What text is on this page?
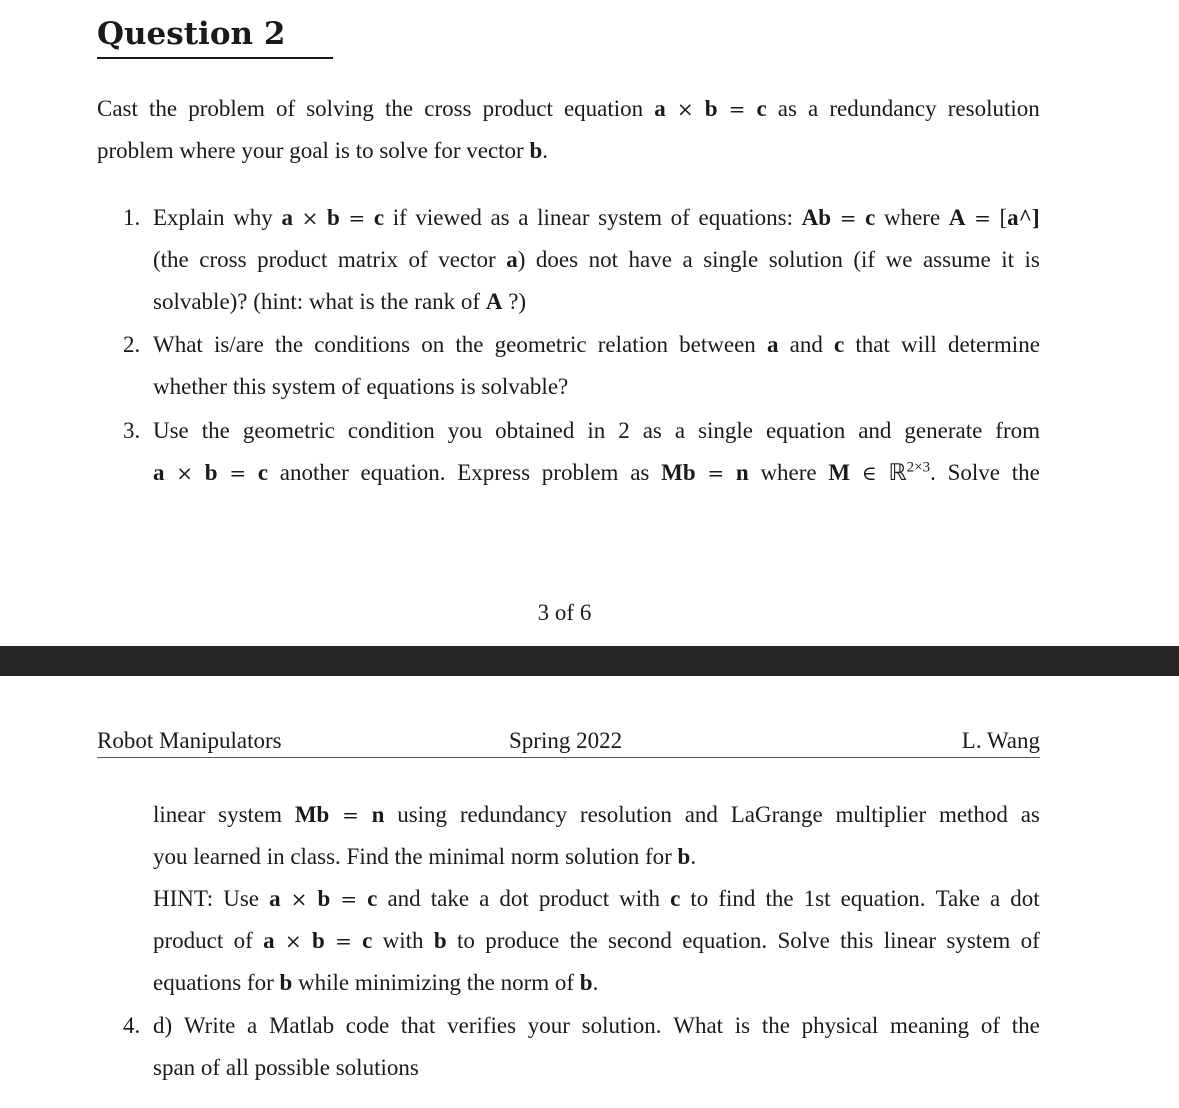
Question 2
Cast the problem of solving the cross product equation a × b = c as a redundancy resolution
problem where your goal is to solve for vector b.
1. Explain why a × b = c if viewed as a linear system of equations: Ab = c where A = [a^]
(the cross product matrix of vector a) does not have a single solution (if we assume it is
solvable)? (hint: what is the rank of A ?)
2. What is/are the conditions on the geometric relation between a and c that will determine
whether this system of equations is solvable?
3. Use the geometric condition you obtained in 2 as a single equation and generate from
a × b = c another equation. Express problem as Mb = n where M ∈ ℝ$^{2\times 3}$. Solve the
3 of 6
Robot Manipulators	Spring 2022	L. Wang
linear system Mb = n using redundancy resolution and LaGrange multiplier method as
you learned in class. Find the minimal norm solution for b.
HINT: Use a × b = c and take a dot product with c to find the 1st equation. Take a dot
product of a × b = c with b to produce the second equation. Solve this linear system of
equations for b while minimizing the norm of b.
4. d) Write a Matlab code that verifies your solution. What is the physical meaning of the
span of all possible solutions
